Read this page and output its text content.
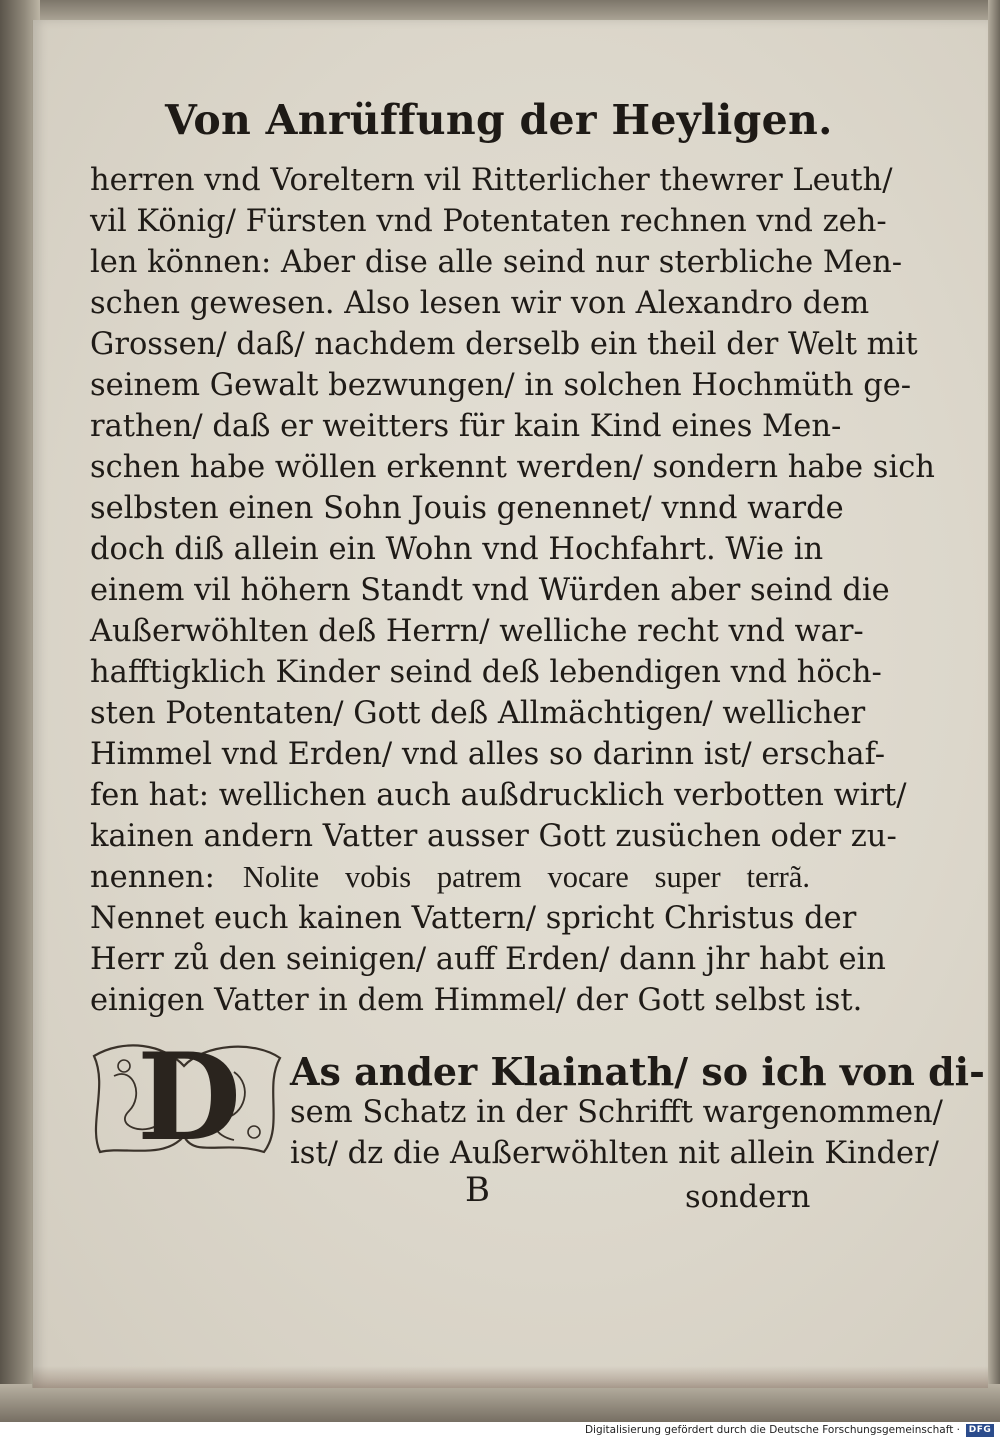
Von Anrüffung der Heyligen.
herren vnd Voreltern vil Ritterlicher thewrer Leuth/
vil König/ Fürsten vnd Potentaten rechnen vnd zeh-
len können: Aber dise alle seind nur sterbliche Men-
schen gewesen. Also lesen wir von Alexandro dem
Grossen/ daß/ nachdem derselb ein theil der Welt mit
seinem Gewalt bezwungen/ in solchen Hochmüth ge-
rathen/ daß er weitters für kain Kind eines Men-
schen habe wöllen erkennt werden/ sondern habe sich
selbsten einen Sohn Jouis genennet/ vnnd warde
doch diß allein ein Wohn vnd Hochfahrt. Wie in
einem vil höhern Standt vnd Würden aber seind die
Außerwöhlten deß Herrn/ welliche recht vnd war-
hafftigklich Kinder seind deß lebendigen vnd höch-
sten Potentaten/ Gott deß Allmächtigen/ wellicher
Himmel vnd Erden/ vnd alles so darinn ist/ erschaf-
fen hat: wellichen auch außdrucklich verbotten wirt/
kainen andern Vatter ausser Gott zusüchen oder zu-
nennen: Nolite vobis patrem vocare super terrã.
Nennet euch kainen Vattern/ spricht Christus der
Herr zů den seinigen/ auff Erden/ dann jhr habt ein
einigen Vatter in dem Himmel/ der Gott selbst ist.
D	As ander Klainath/ so ich von di-
sem Schatz in der Schrifft wargenommen/
ist/ dz die Außerwöhlten nit allein Kinder/
B	sondern
Digitalisierung gefördert durch die Deutsche Forschungsgemeinschaft · DFG
